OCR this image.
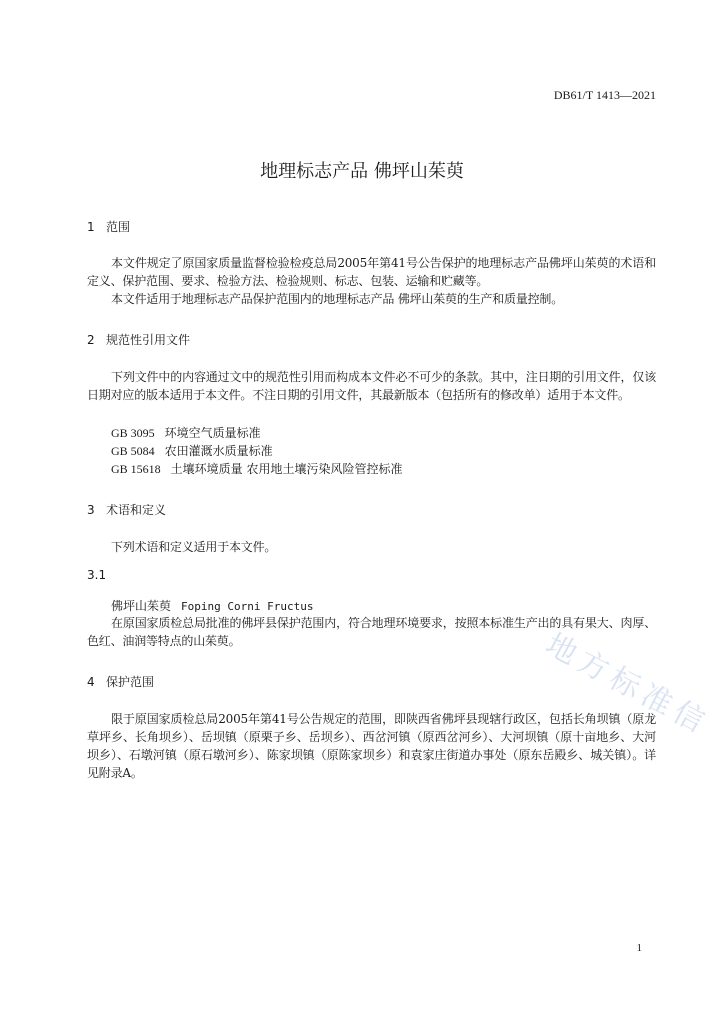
DB61/T 1413—2021
地理标志产品 佛坪山茱萸
1 范围
本文件规定了原国家质量监督检验检疫总局2005年第41号公告保护的地理标志产品佛坪山茱萸的术语和定义、保护范围、要求、检验方法、检验规则、标志、包装、运输和贮藏等。
本文件适用于地理标志产品保护范围内的地理标志产品 佛坪山茱萸的生产和质量控制。
2 规范性引用文件
下列文件中的内容通过文中的规范性引用而构成本文件必不可少的条款。其中，注日期的引用文件，仅该日期对应的版本适用于本文件。不注日期的引用文件，其最新版本（包括所有的修改单）适用于本文件。
GB 3095 环境空气质量标准
GB 5084 农田灌溉水质量标准
GB 15618 土壤环境质量 农用地土壤污染风险管控标准
3 术语和定义
下列术语和定义适用于本文件。
3.1
佛坪山茱萸 Foping Corni Fructus
在原国家质检总局批准的佛坪县保护范围内，符合地理环境要求，按照本标准生产出的具有果大、肉厚、色红、油润等特点的山茱萸。
4 保护范围
限于原国家质检总局2005年第41号公告规定的范围，即陕西省佛坪县现辖行政区，包括长角坝镇（原龙草坪乡、长角坝乡）、岳坝镇（原栗子乡、岳坝乡）、西岔河镇（原西岔河乡）、大河坝镇（原十亩地乡、大河坝乡）、石墩河镇（原石墩河乡）、陈家坝镇（原陈家坝乡）和袁家庄街道办事处（原东岳殿乡、城关镇）。详见附录A。
地方标准信
1
